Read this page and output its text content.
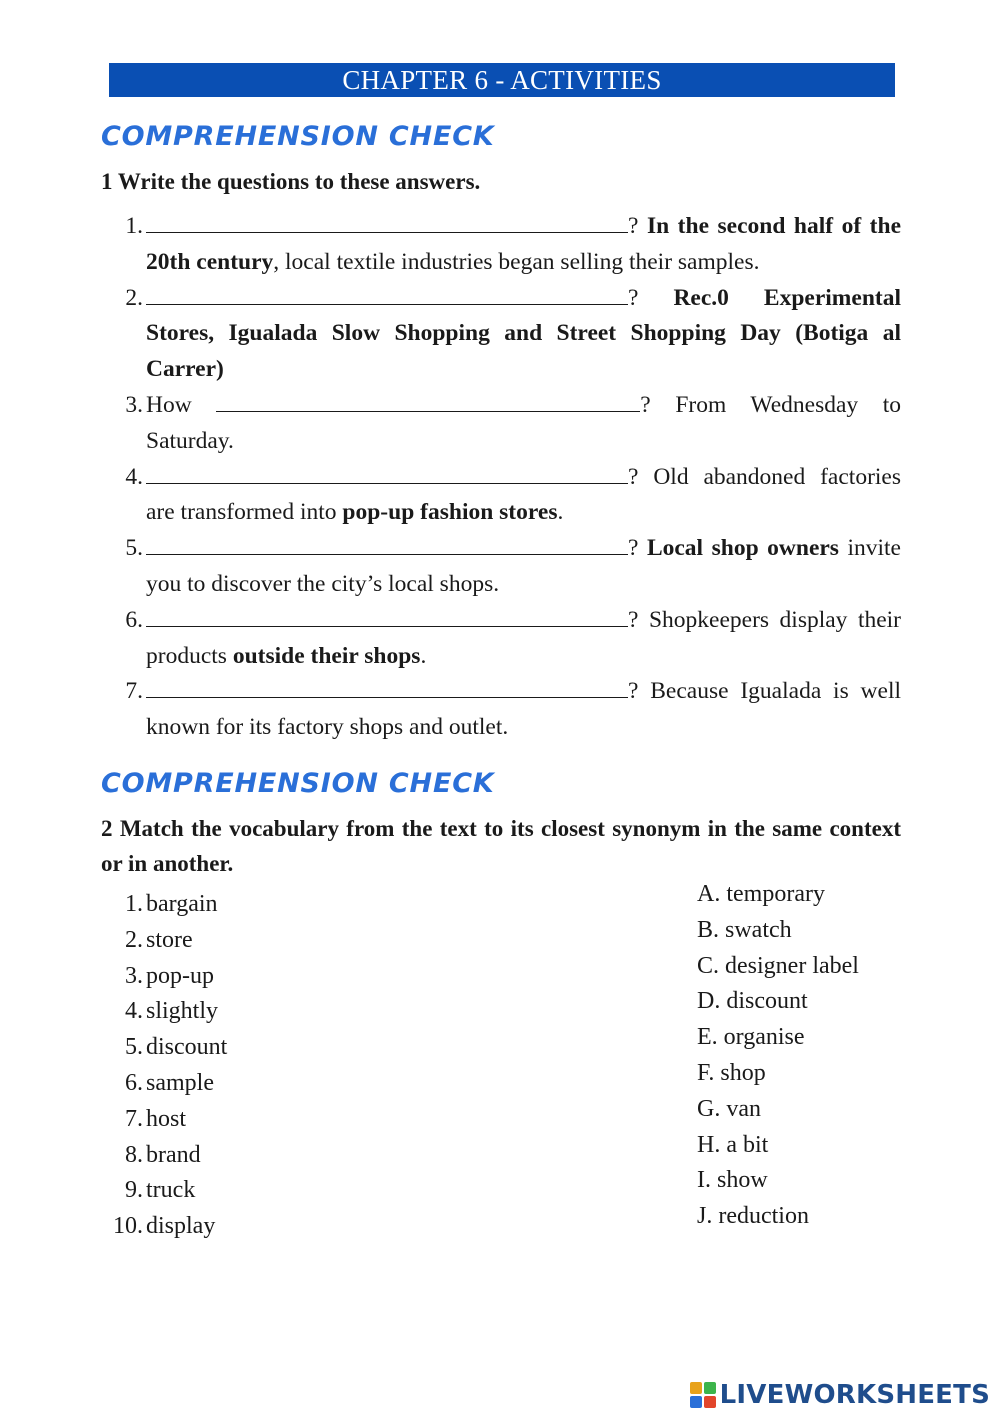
CHAPTER 6 - ACTIVITIES
COMPREHENSION CHECK
1 Write the questions to these answers.
1.	? In the second half of the 20th century, local textile industries began selling their samples.
2.	? Rec.0 Experimental Stores, Igualada Slow Shopping and Street Shopping Day (Botiga al Carrer)
3. How	? From Wednesday to Saturday.
4.	? Old abandoned factories are transformed into pop-up fashion stores.
5.	? Local shop owners invite you to discover the city’s local shops.
6.	? Shopkeepers display their products outside their shops.
7.	? Because Igualada is well known for its factory shops and outlet.
COMPREHENSION CHECK
2 Match the vocabulary from the text to its closest synonym in the same context or in another.
1. bargain
2. store
3. pop-up
4. slightly
5. discount
6. sample
7. host
8. brand
9. truck
10. display
A. temporary
B. swatch
C. designer label
D. discount
E. organise
F. shop
G. van
H. a bit
I. show
J. reduction
LIVEWORKSHEETS
